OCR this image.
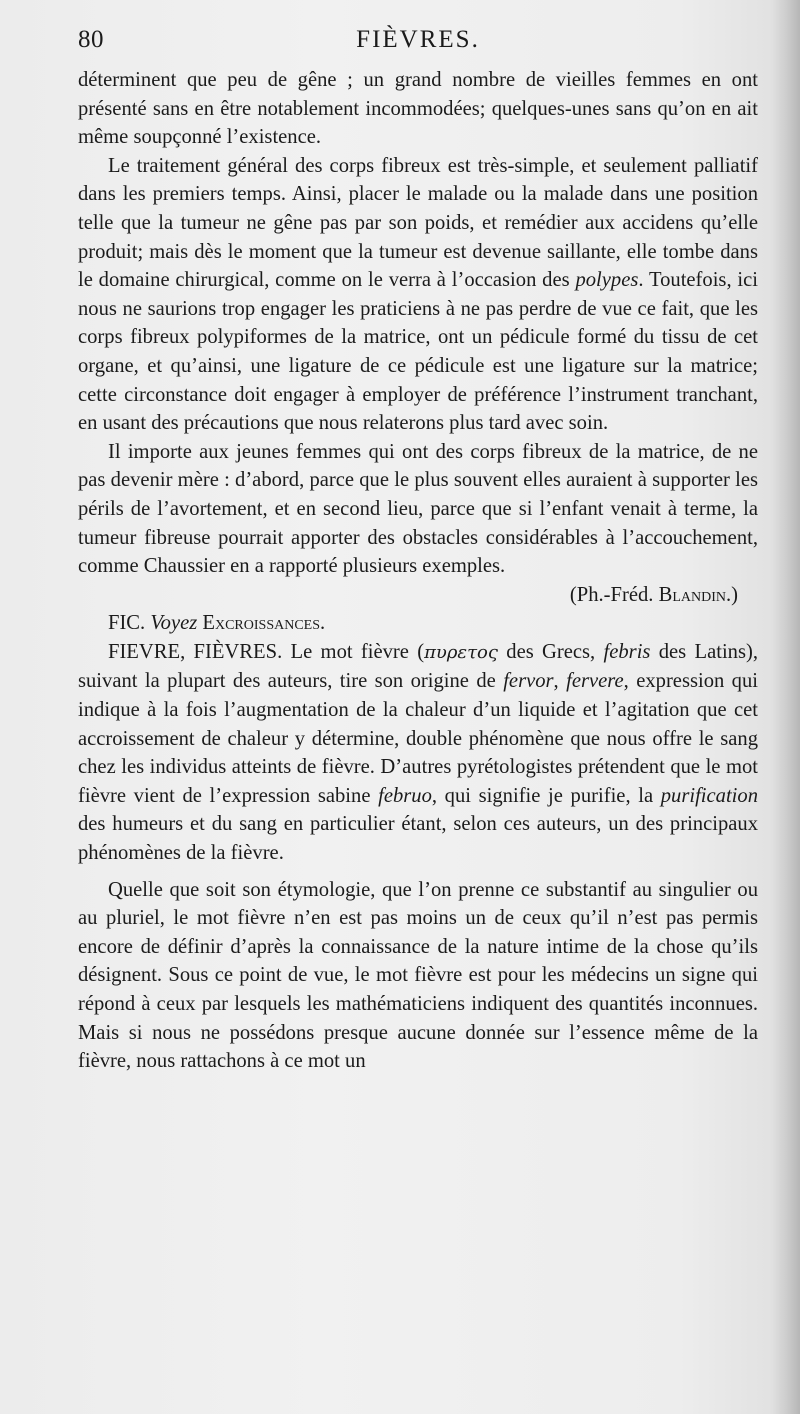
80	FIÈVRES.

déterminent que peu de gêne ; un grand nombre de vieilles femmes en ont présenté sans en être notablement incommodées; quelques-unes sans qu’on en ait même soupçonné l’existence.

Le traitement général des corps fibreux est très-simple, et seulement palliatif dans les premiers temps. Ainsi, placer le malade ou la malade dans une position telle que la tumeur ne gêne pas par son poids, et remédier aux accidens qu’elle produit; mais dès le moment que la tumeur est devenue saillante, elle tombe dans le domaine chirurgical, comme on le verra à l’occasion des polypes. Toutefois, ici nous ne saurions trop engager les praticiens à ne pas perdre de vue ce fait, que les corps fibreux polypiformes de la matrice, ont un pédicule formé du tissu de cet organe, et qu’ainsi, une ligature de ce pédicule est une ligature sur la matrice; cette circonstance doit engager à employer de préférence l’instrument tranchant, en usant des précautions que nous relaterons plus tard avec soin.

Il importe aux jeunes femmes qui ont des corps fibreux de la matrice, de ne pas devenir mère : d’abord, parce que le plus souvent elles auraient à supporter les périls de l’avortement, et en second lieu, parce que si l’enfant venait à terme, la tumeur fibreuse pourrait apporter des obstacles considérables à l’accouchement, comme Chaussier en a rapporté plusieurs exemples.

(Ph.-Fréd. Blandin.)

FIC. Voyez Excroissances.

FIEVRE, FIÈVRES. Le mot fièvre (πυρετος des Grecs, febris des Latins), suivant la plupart des auteurs, tire son origine de fervor, fervere, expression qui indique à la fois l’augmentation de la chaleur d’un liquide et l’agitation que cet accroissement de chaleur y détermine, double phénomène que nous offre le sang chez les individus atteints de fièvre. D’autres pyrétologistes prétendent que le mot fièvre vient de l’expression sabine februo, qui signifie je purifie, la purification des humeurs et du sang en particulier étant, selon ces auteurs, un des principaux phénomènes de la fièvre.

Quelle que soit son étymologie, que l’on prenne ce substantif au singulier ou au pluriel, le mot fièvre n’en est pas moins un de ceux qu’il n’est pas permis encore de définir d’après la connaissance de la nature intime de la chose qu’ils désignent. Sous ce point de vue, le mot fièvre est pour les médecins un signe qui répond à ceux par lesquels les mathématiciens indiquent des quantités inconnues. Mais si nous ne possédons presque aucune donnée sur l’essence même de la fièvre, nous rattachons à ce mot un
